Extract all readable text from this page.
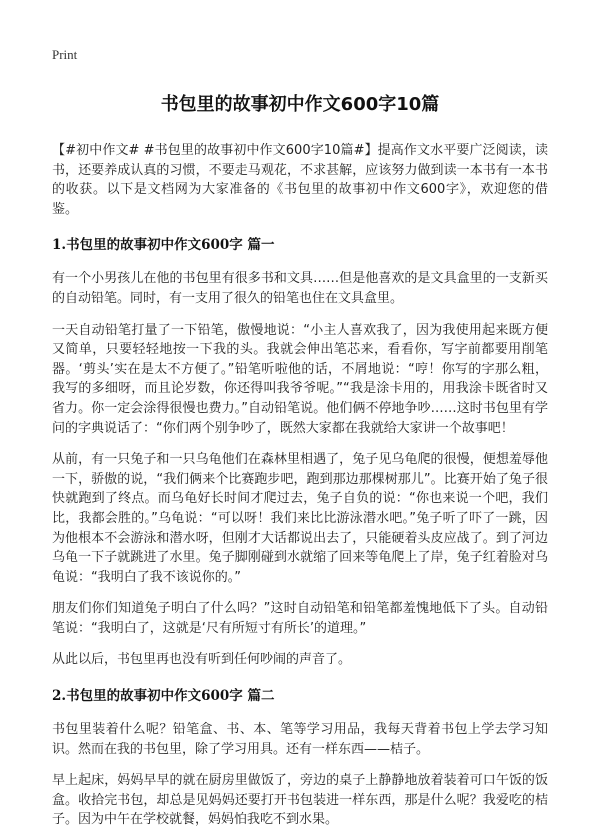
Print
书包里的故事初中作文600字10篇

【#初中作文# #书包里的故事初中作文600字10篇#】提高作文水平要广泛阅读，读书，还要养成认真的习惯，不要走马观花，不求甚解，应该努力做到读一本书有一本书的收获。以下是文档网为大家准备的《书包里的故事初中作文600字》，欢迎您的借鉴。

1.书包里的故事初中作文600字 篇一

有一个小男孩儿在他的书包里有很多书和文具……但是他喜欢的是文具盒里的一支新买的自动铅笔。同时，有一支用了很久的铅笔也住在文具盒里。

一天自动铅笔打量了一下铅笔，傲慢地说：“小主人喜欢我了，因为我使用起来既方便又简单，只要轻轻地按一下我的头。我就会伸出笔芯来，看看你，写字前都要用削笔器。‘剪头’实在是太不方便了。”铅笔听啦他的话，不屑地说：“哼！你写的字那么粗，我写的多细呀，而且论岁数，你还得叫我爷爷呢。”“我是涂卡用的，用我涂卡既省时又省力。你一定会涂得很慢也费力。”自动铅笔说。他们俩不停地争吵……这时书包里有学问的字典说话了：“你们两个别争吵了，既然大家都在我就给大家讲一个故事吧！

从前，有一只兔子和一只乌龟他们在森林里相遇了，兔子见乌龟爬的很慢，便想羞辱他一下，骄傲的说，“我们俩来个比赛跑步吧，跑到那边那棵树那儿”。比赛开始了兔子很快就跑到了终点。而乌龟好长时间才爬过去，兔子自负的说：“你也来说一个吧，我们比，我都会胜的。”乌龟说：“可以呀！我们来比比游泳潜水吧。”兔子听了吓了一跳，因为他根本不会游泳和潜水呀，但刚才大话都说出去了，只能硬着头皮应战了。到了河边乌龟一下子就跳进了水里。兔子脚刚碰到水就缩了回来等龟爬上了岸，兔子红着脸对乌龟说：“我明白了我不该说你的。”

朋友们你们知道兔子明白了什么吗？”这时自动铅笔和铅笔都羞愧地低下了头。自动铅笔说：“我明白了，这就是‘尺有所短寸有所长’的道理。”

从此以后，书包里再也没有听到任何吵闹的声音了。

2.书包里的故事初中作文600字 篇二

书包里装着什么呢？铅笔盒、书、本、笔等学习用品，我每天背着书包上学去学习知识。然而在我的书包里，除了学习用具。还有一样东西——桔子。

早上起床，妈妈早早的就在厨房里做饭了，旁边的桌子上静静地放着装着可口午饭的饭盒。收拾完书包，却总是见妈妈还要打开书包装进一样东西，那是什么呢？我爱吃的桔子。因为中午在学校就餐，妈妈怕我吃不到水果。
